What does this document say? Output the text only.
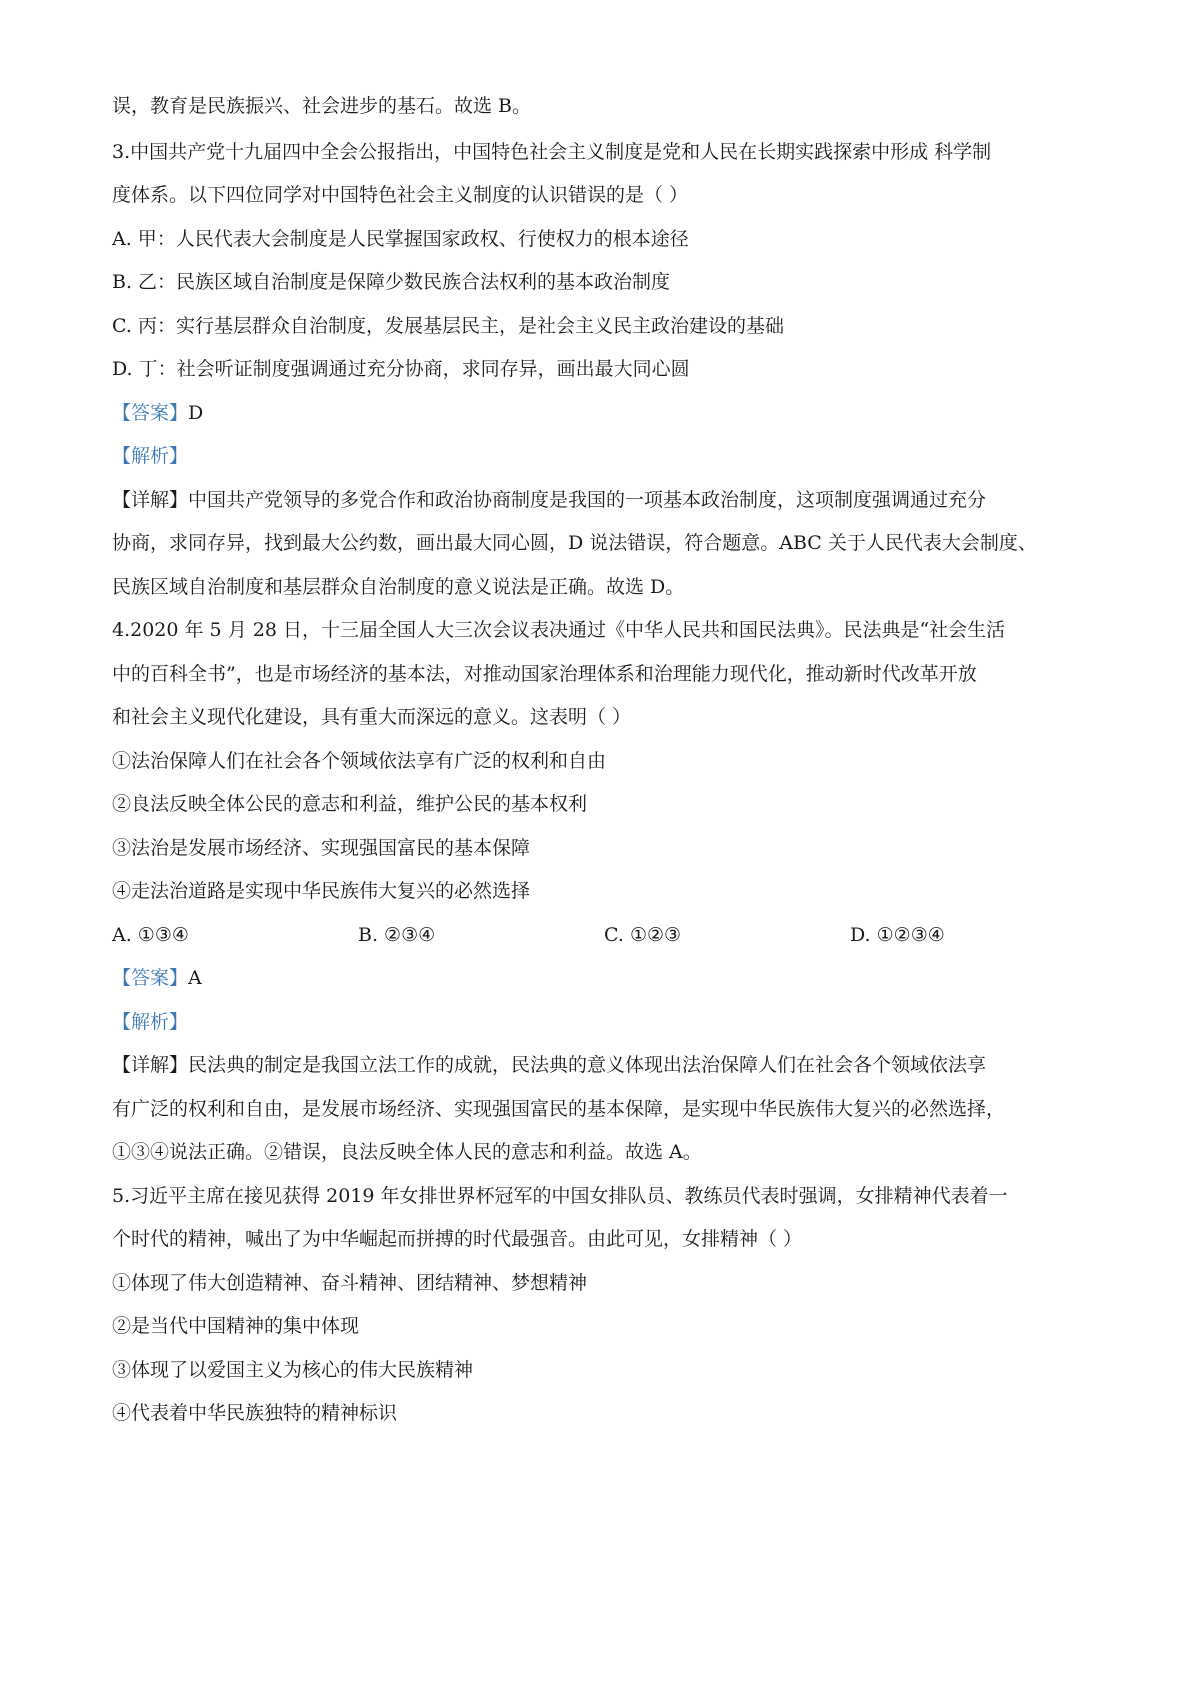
误，教育是民族振兴、社会进步的基石。故选 B。
3.中国共产党十九届四中全会公报指出，中国特色社会主义制度是党和人民在长期实践探索中形成 科学制
度体系。以下四位同学对中国特色社会主义制度的认识错误的是（ ）
A. 甲：人民代表大会制度是人民掌握国家政权、行使权力的根本途径
B. 乙：民族区域自治制度是保障少数民族合法权利的基本政治制度
C. 丙：实行基层群众自治制度，发展基层民主，是社会主义民主政治建设的基础
D. 丁：社会听证制度强调通过充分协商，求同存异，画出最大同心圆
【答案】D
【解析】
【详解】中国共产党领导的多党合作和政治协商制度是我国的一项基本政治制度，这项制度强调通过充分
协商，求同存异，找到最大公约数，画出最大同心圆，D 说法错误，符合题意。ABC 关于人民代表大会制度、
民族区域自治制度和基层群众自治制度的意义说法是正确。故选 D。
4.2020 年 5 月 28 日，十三届全国人大三次会议表决通过《中华人民共和国民法典》。民法典是“社会生活
中的百科全书”，也是市场经济的基本法，对推动国家治理体系和治理能力现代化，推动新时代改革开放
和社会主义现代化建设，具有重大而深远的意义。这表明（ ）
①法治保障人们在社会各个领域依法享有广泛的权利和自由
②良法反映全体公民的意志和利益，维护公民的基本权利
③法治是发展市场经济、实现强国富民的基本保障
④走法治道路是实现中华民族伟大复兴的必然选择
A. ①③④	B. ②③④	C. ①②③	D. ①②③④
【答案】A
【解析】
【详解】民法典的制定是我国立法工作的成就，民法典的意义体现出法治保障人们在社会各个领域依法享
有广泛的权利和自由，是发展市场经济、实现强国富民的基本保障，是实现中华民族伟大复兴的必然选择，
①③④说法正确。②错误，良法反映全体人民的意志和利益。故选 A。
5.习近平主席在接见获得 2019 年女排世界杯冠军的中国女排队员、教练员代表时强调，女排精神代表着一
个时代的精神，喊出了为中华崛起而拼搏的时代最强音。由此可见，女排精神（ ）
①体现了伟大创造精神、奋斗精神、团结精神、梦想精神
②是当代中国精神的集中体现
③体现了以爱国主义为核心的伟大民族精神
④代表着中华民族独特的精神标识
